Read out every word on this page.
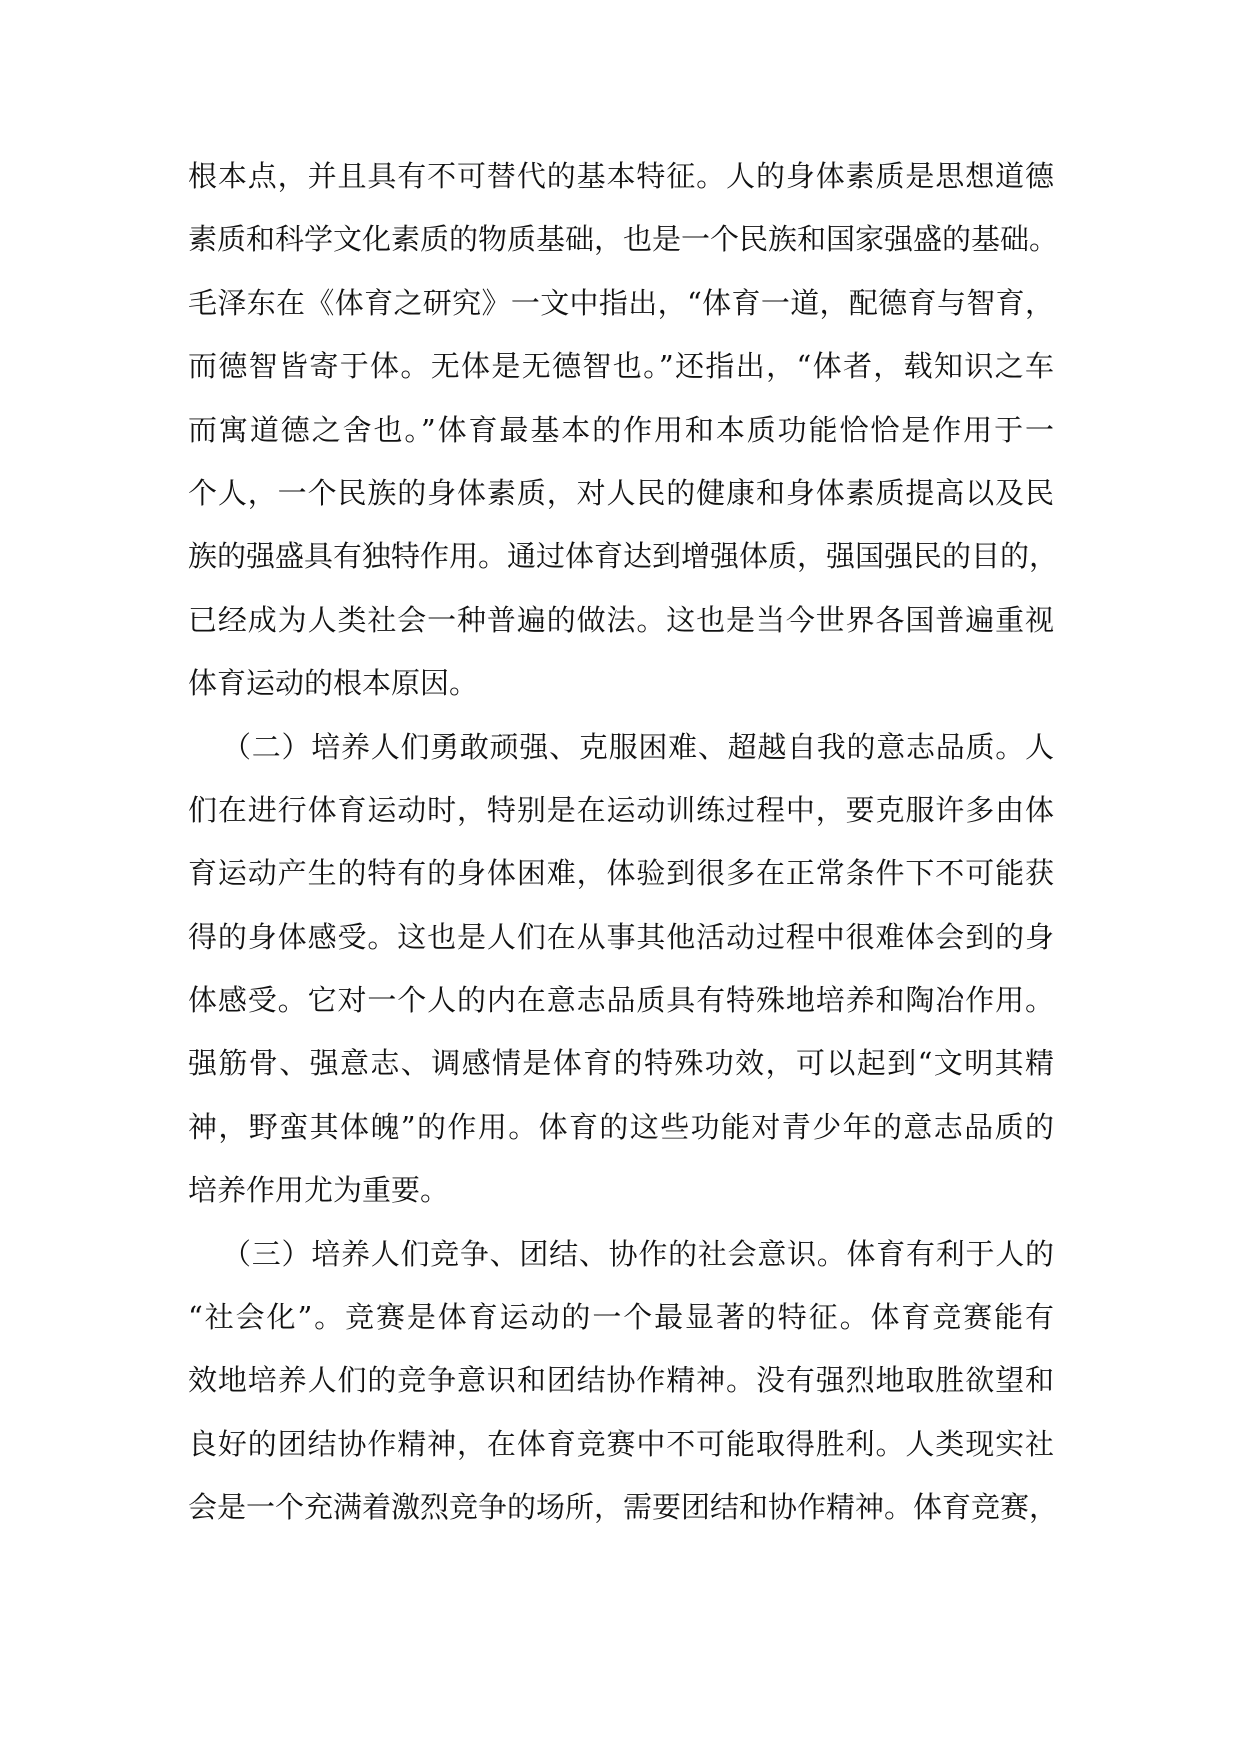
根本点，并且具有不可替代的基本特征。人的身体素质是思想道德
素质和科学文化素质的物质基础，也是一个民族和国家强盛的基础。
毛泽东在《体育之研究》一文中指出，“体育一道，配德育与智育，
而德智皆寄于体。无体是无德智也。”还指出，“体者，载知识之车
而寓道德之舍也。”体育最基本的作用和本质功能恰恰是作用于一
个人，一个民族的身体素质，对人民的健康和身体素质提高以及民
族的强盛具有独特作用。通过体育达到增强体质，强国强民的目的，
已经成为人类社会一种普遍的做法。这也是当今世界各国普遍重视
体育运动的根本原因。
（二）培养人们勇敢顽强、克服困难、超越自我的意志品质。人
们在进行体育运动时，特别是在运动训练过程中，要克服许多由体
育运动产生的特有的身体困难，体验到很多在正常条件下不可能获
得的身体感受。这也是人们在从事其他活动过程中很难体会到的身
体感受。它对一个人的内在意志品质具有特殊地培养和陶冶作用。
强筋骨、强意志、调感情是体育的特殊功效，可以起到“文明其精
神，野蛮其体魄”的作用。体育的这些功能对青少年的意志品质的
培养作用尤为重要。
（三）培养人们竞争、团结、协作的社会意识。体育有利于人的
“社会化”。竞赛是体育运动的一个最显著的特征。体育竞赛能有
效地培养人们的竞争意识和团结协作精神。没有强烈地取胜欲望和
良好的团结协作精神，在体育竞赛中不可能取得胜利。人类现实社
会是一个充满着激烈竞争的场所，需要团结和协作精神。体育竞赛，
